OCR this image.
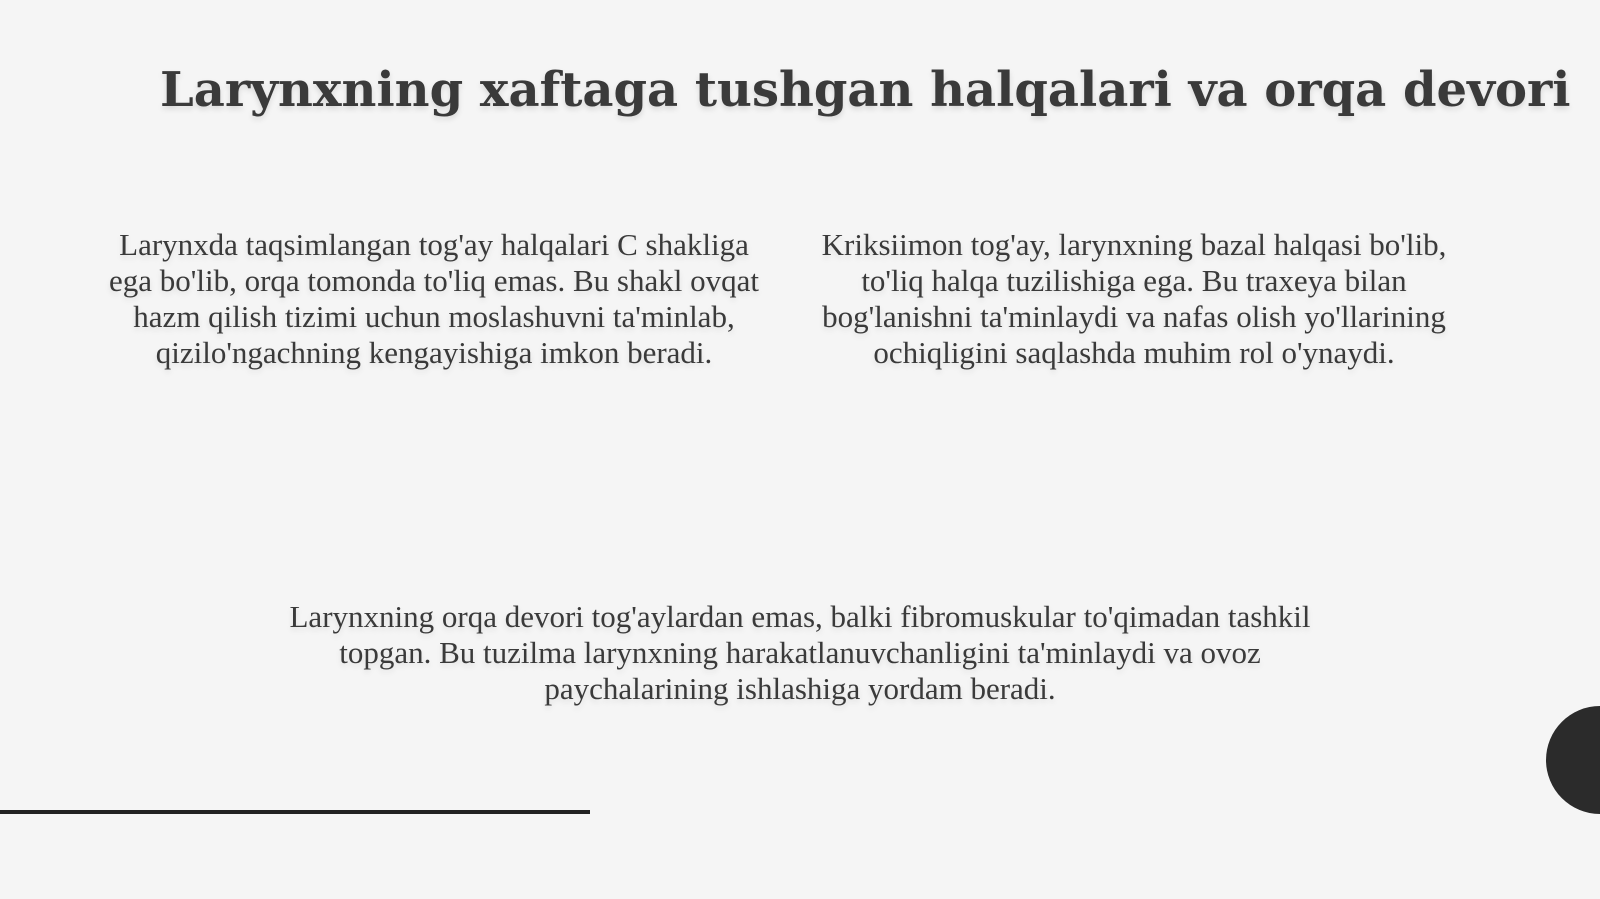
Larynxning xaftaga tushgan halqalari va orqa devori

Larynxda taqsimlangan tog'ay halqalari C shakliga ega bo'lib, orqa tomonda to'liq emas. Bu shakl ovqat hazm qilish tizimi uchun moslashuvni ta'minlab, qizilo'ngachning kengayishiga imkon beradi.

Kriksiimon tog'ay, larynxning bazal halqasi bo'lib, to'liq halqa tuzilishiga ega. Bu traxeya bilan bog'lanishni ta'minlaydi va nafas olish yo'llarining ochiqligini saqlashda muhim rol o'ynaydi.

Larynxning orqa devori tog'aylardan emas, balki fibromuskular to'qimadan tashkil topgan. Bu tuzilma larynxning harakatlanuvchanligini ta'minlaydi va ovoz paychalarining ishlashiga yordam beradi.
